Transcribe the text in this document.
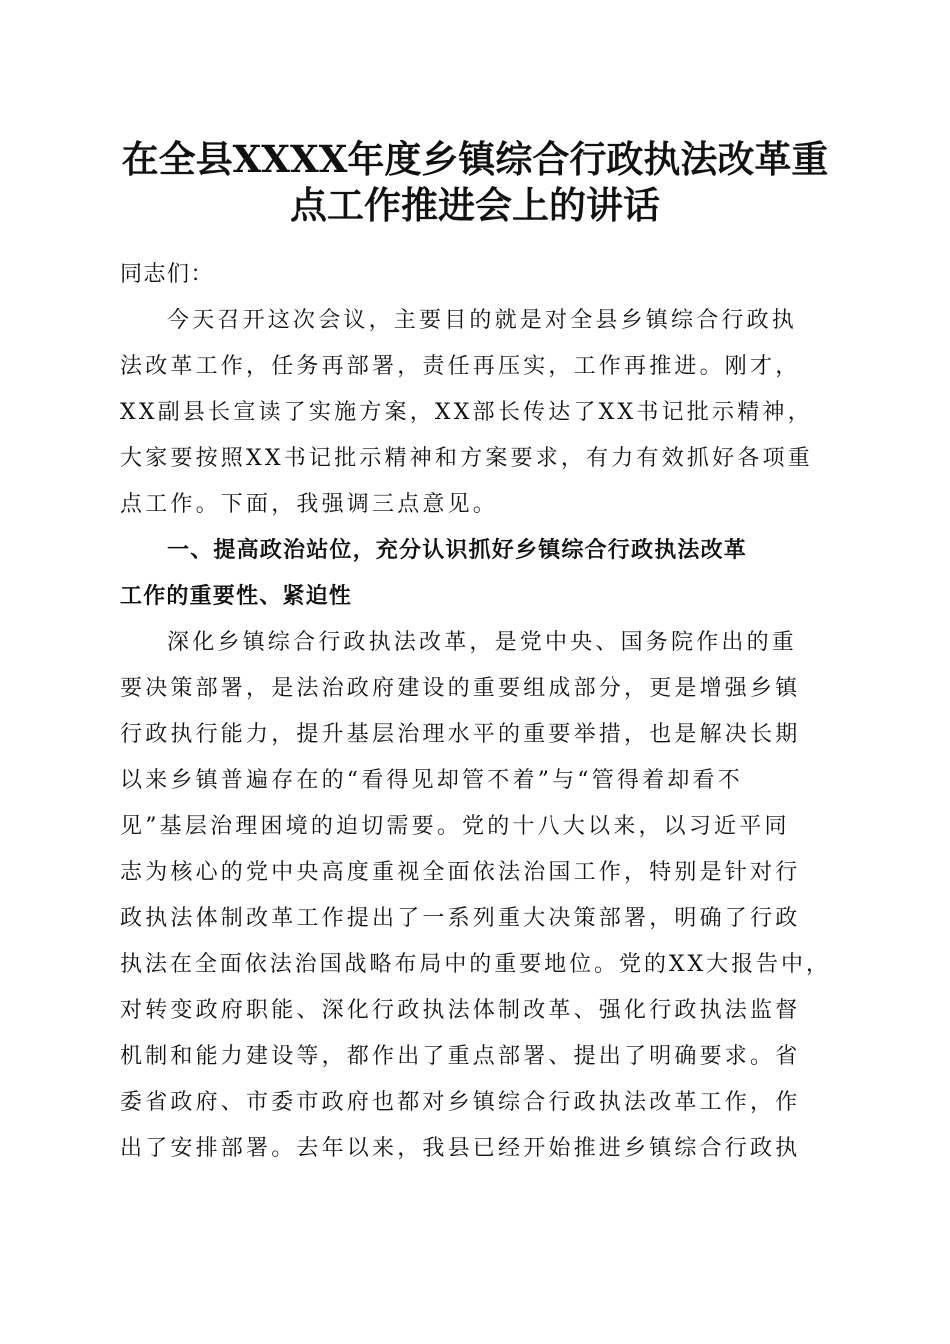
在全县XXXX年度乡镇综合行政执法改革重
点工作推进会上的讲话

同志们：

今天召开这次会议，主要目的就是对全县乡镇综合行政执
法改革工作，任务再部署，责任再压实，工作再推进。刚才，
XX副县长宣读了实施方案，XX部长传达了XX书记批示精神，
大家要按照XX书记批示精神和方案要求，有力有效抓好各项重
点工作。下面，我强调三点意见。

一、提高政治站位，充分认识抓好乡镇综合行政执法改革
工作的重要性、紧迫性

深化乡镇综合行政执法改革，是党中央、国务院作出的重
要决策部署，是法治政府建设的重要组成部分，更是增强乡镇
行政执行能力，提升基层治理水平的重要举措，也是解决长期
以来乡镇普遍存在的“看得见却管不着”与“管得着却看不
见”基层治理困境的迫切需要。党的十八大以来，以习近平同
志为核心的党中央高度重视全面依法治国工作，特别是针对行
政执法体制改革工作提出了一系列重大决策部署，明确了行政
执法在全面依法治国战略布局中的重要地位。党的XX大报告中，
对转变政府职能、深化行政执法体制改革、强化行政执法监督
机制和能力建设等，都作出了重点部署、提出了明确要求。省
委省政府、市委市政府也都对乡镇综合行政执法改革工作，作
出了安排部署。去年以来，我县已经开始推进乡镇综合行政执
